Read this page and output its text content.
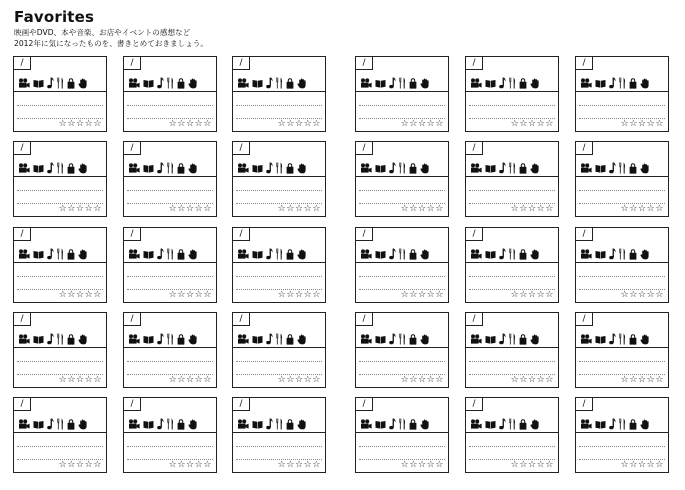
Favorites

映画やDVD、本や音楽、お店やイベントの感想など

2012年に気になったものを、書きとめておきましょう。

/
☆ ☆ ☆ ☆ ☆
/
☆ ☆ ☆ ☆ ☆
/
☆ ☆ ☆ ☆ ☆
/
☆ ☆ ☆ ☆ ☆
/
☆ ☆ ☆ ☆ ☆
/
☆ ☆ ☆ ☆ ☆
/
☆ ☆ ☆ ☆ ☆
/
☆ ☆ ☆ ☆ ☆
/
☆ ☆ ☆ ☆ ☆
/
☆ ☆ ☆ ☆ ☆
/
☆ ☆ ☆ ☆ ☆
/
☆ ☆ ☆ ☆ ☆
/
☆ ☆ ☆ ☆ ☆
/
☆ ☆ ☆ ☆ ☆
/
☆ ☆ ☆ ☆ ☆
/
☆ ☆ ☆ ☆ ☆
/
☆ ☆ ☆ ☆ ☆
/
☆ ☆ ☆ ☆ ☆
/
☆ ☆ ☆ ☆ ☆
/
☆ ☆ ☆ ☆ ☆
/
☆ ☆ ☆ ☆ ☆
/
☆ ☆ ☆ ☆ ☆
/
☆ ☆ ☆ ☆ ☆
/
☆ ☆ ☆ ☆ ☆
/
☆ ☆ ☆ ☆ ☆
/
☆ ☆ ☆ ☆ ☆
/
☆ ☆ ☆ ☆ ☆
/
☆ ☆ ☆ ☆ ☆
/
☆ ☆ ☆ ☆ ☆
/
☆ ☆ ☆ ☆ ☆
